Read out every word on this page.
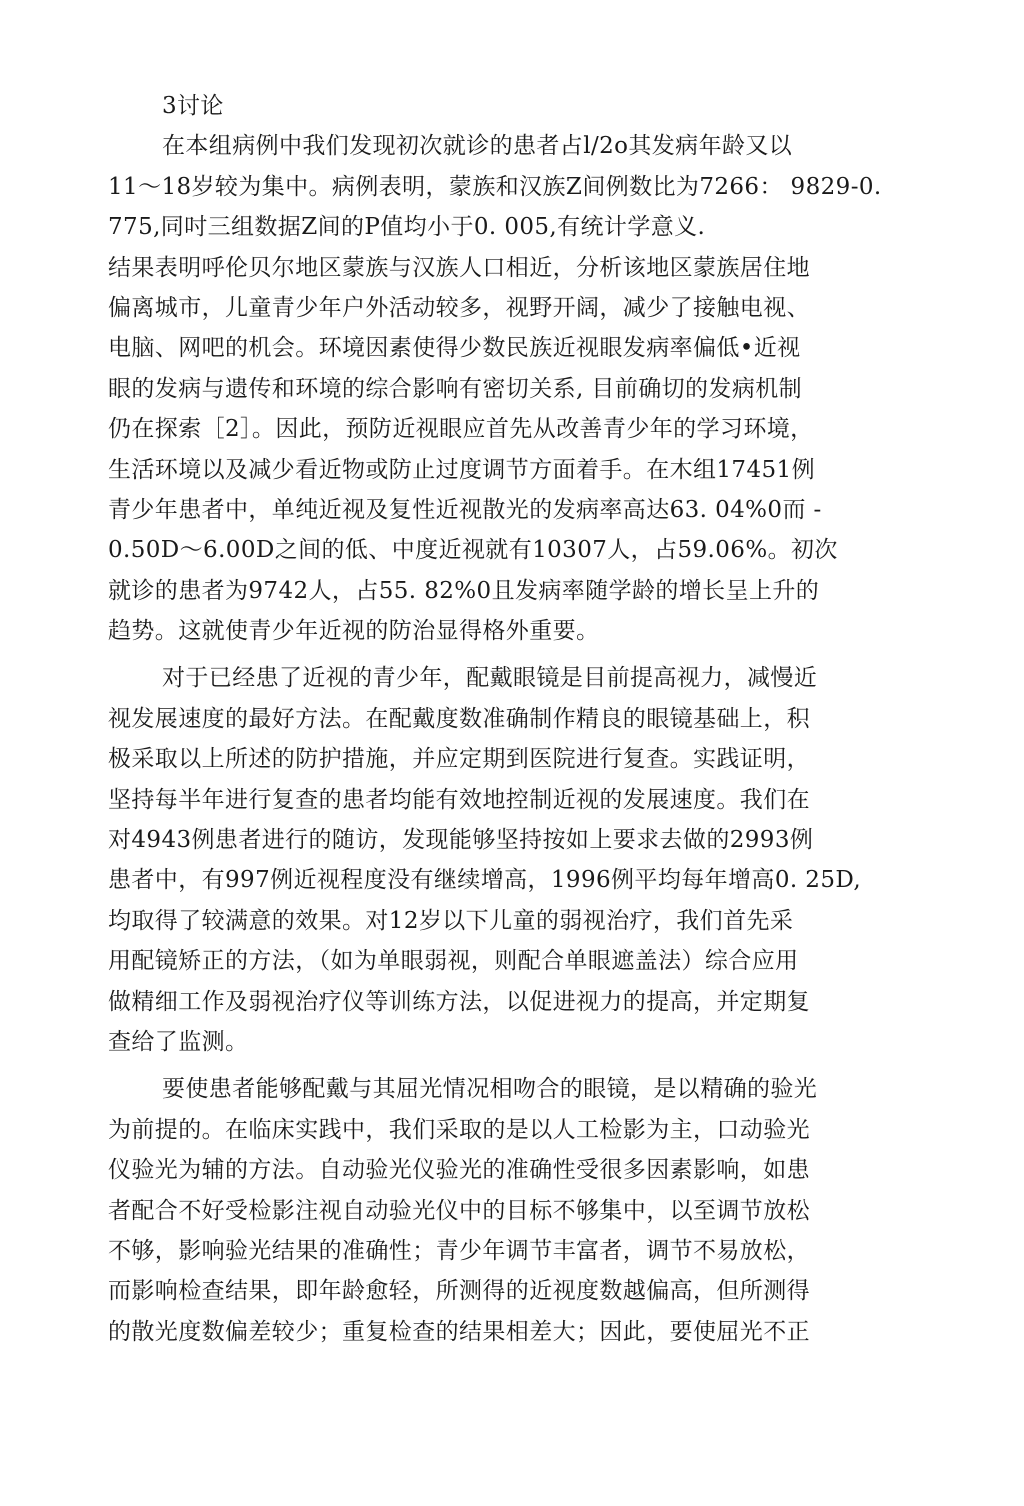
3讨论
在本组病例中我们发现初次就诊的患者占l/2o其发病年龄又以
11～18岁较为集中。病例表明，蒙族和汉族Z间例数比为7266： 9829-0.
775,同吋三组数据Z间的P值均小于0. 005,有统计学意义.
结果表明呼伦贝尔地区蒙族与汉族人口相近，分析该地区蒙族居住地
偏离城市，儿童青少年户外活动较多，视野开阔，减少了接触电视、
电脑、网吧的机会。环境因素使得少数民族近视眼发病率偏低•近视
眼的发病与遗传和环境的综合影响有密切关系, 目前确切的发病机制
仍在探索［2］。因此，预防近视眼应首先从改善青少年的学习环境，
生活环境以及减少看近物或防止过度调节方面着手。在木组17451例
青少年患者中，单纯近视及复性近视散光的发病率高达63. 04%0而 -
0.50D～6.00D之间的低、中度近视就有10307人，占59.06%。初次
就诊的患者为9742人，占55. 82%0且发病率随学龄的增长呈上升的
趋势。这就使青少年近视的防治显得格外重要。
对于已经患了近视的青少年，配戴眼镜是目前提高视力，减慢近
视发展速度的最好方法。在配戴度数准确制作精良的眼镜基础上，积
极采取以上所述的防护措施，并应定期到医院进行复查。实践证明，
坚持每半年进行复查的患者均能有效地控制近视的发展速度。我们在
对4943例患者进行的随访，发现能够坚持按如上要求去做的2993例
患者中，有997例近视程度没有继续增高，1996例平均每年增高0. 25D,
均取得了较满意的效果。对12岁以下儿童的弱视治疗，我们首先采
用配镜矫正的方法，（如为单眼弱视，则配合单眼遮盖法）综合应用
做精细工作及弱视治疗仪等训练方法，以促进视力的提高，并定期复
查给了监测。
要使患者能够配戴与其屈光情况相吻合的眼镜，是以精确的验光
为前提的。在临床实践中，我们采取的是以人工检影为主，口动验光
仪验光为辅的方法。自动验光仪验光的准确性受很多因素影响，如患
者配合不好受检影注视自动验光仪中的目标不够集中，以至调节放松
不够，影响验光结果的准确性；青少年调节丰富者，调节不易放松，
而影响检查结果，即年龄愈轻，所测得的近视度数越偏高，但所测得
的散光度数偏差较少；重复检查的结果相差大；因此，要使屈光不正
